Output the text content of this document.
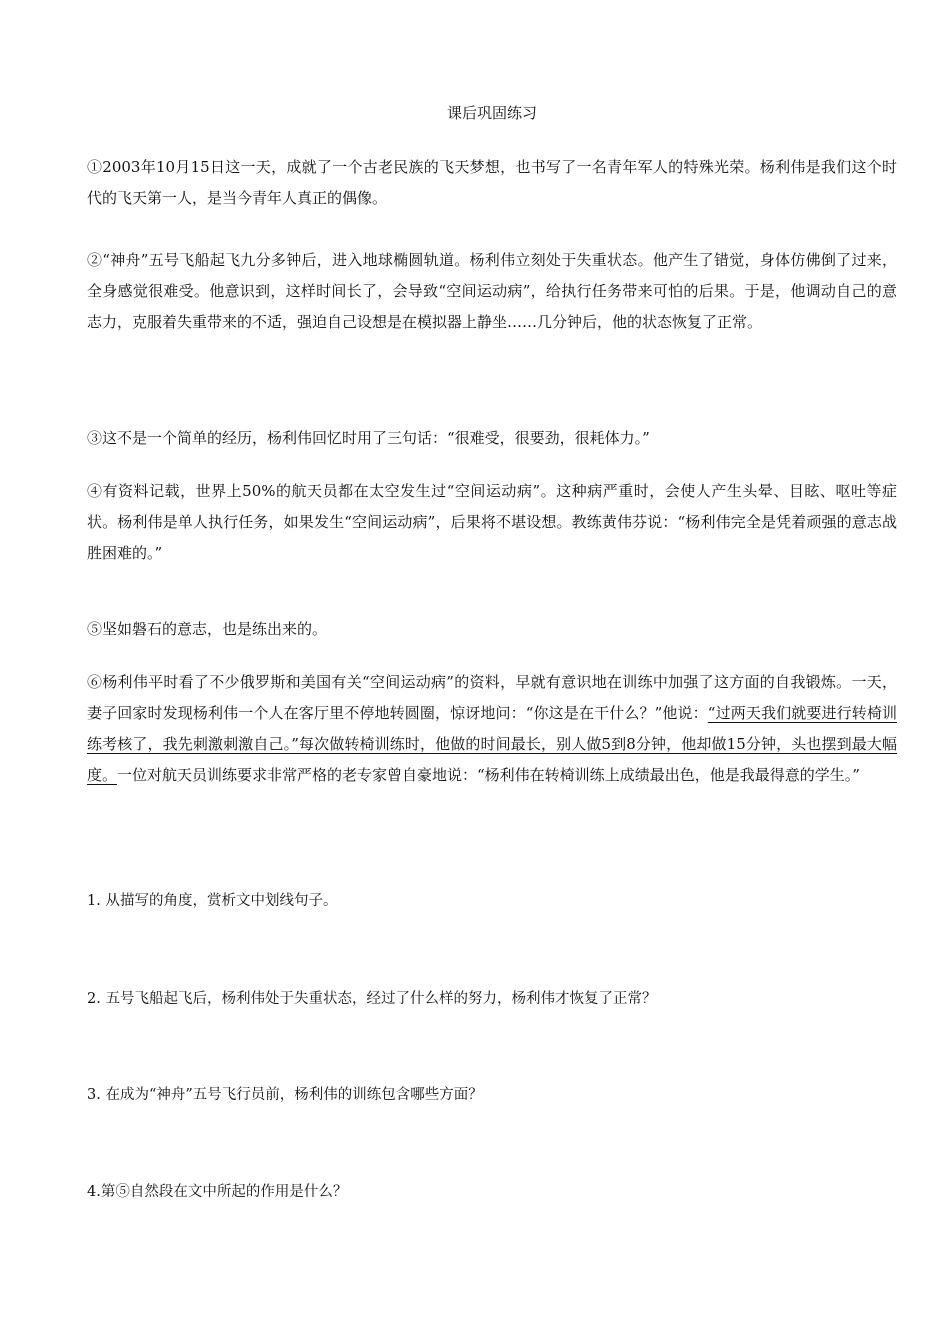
课后巩固练习

①2003年10月15日这一天，成就了一个古老民族的飞天梦想，也书写了一名青年军人的特殊光荣。杨利伟是我们这个时代的飞天第一人，是当今青年人真正的偶像。

②“神舟”五号飞船起飞九分多钟后，进入地球椭圆轨道。杨利伟立刻处于失重状态。他产生了错觉，身体仿佛倒了过来，全身感觉很难受。他意识到，这样时间长了，会导致“空间运动病”，给执行任务带来可怕的后果。于是，他调动自己的意志力，克服着失重带来的不适，强迫自己设想是在模拟器上静坐……几分钟后，他的状态恢复了正常。

③这不是一个简单的经历，杨利伟回忆时用了三句话：“很难受，很要劲，很耗体力。”

④有资料记载，世界上50%的航天员都在太空发生过“空间运动病”。这种病严重时，会使人产生头晕、目眩、呕吐等症状。杨利伟是单人执行任务，如果发生“空间运动病”，后果将不堪设想。教练黄伟芬说：“杨利伟完全是凭着顽强的意志战胜困难的。”

⑤坚如磐石的意志，也是练出来的。

⑥杨利伟平时看了不少俄罗斯和美国有关“空间运动病”的资料，早就有意识地在训练中加强了这方面的自我锻炼。一天，妻子回家时发现杨利伟一个人在客厅里不停地转圆圈，惊讶地问：“你这是在干什么？”他说：“过两天我们就要进行转椅训练考核了，我先刺激刺激自己。”每次做转椅训练时，他做的时间最长，别人做5到8分钟，他却做15分钟，头也摆到最大幅度。一位对航天员训练要求非常严格的老专家曾自豪地说：“杨利伟在转椅训练上成绩最出色，他是我最得意的学生。”

1. 从描写的角度，赏析文中划线句子。

2. 五号飞船起飞后，杨利伟处于失重状态，经过了什么样的努力，杨利伟才恢复了正常？

3. 在成为“神舟”五号飞行员前，杨利伟的训练包含哪些方面？

4.第⑤自然段在文中所起的作用是什么？
